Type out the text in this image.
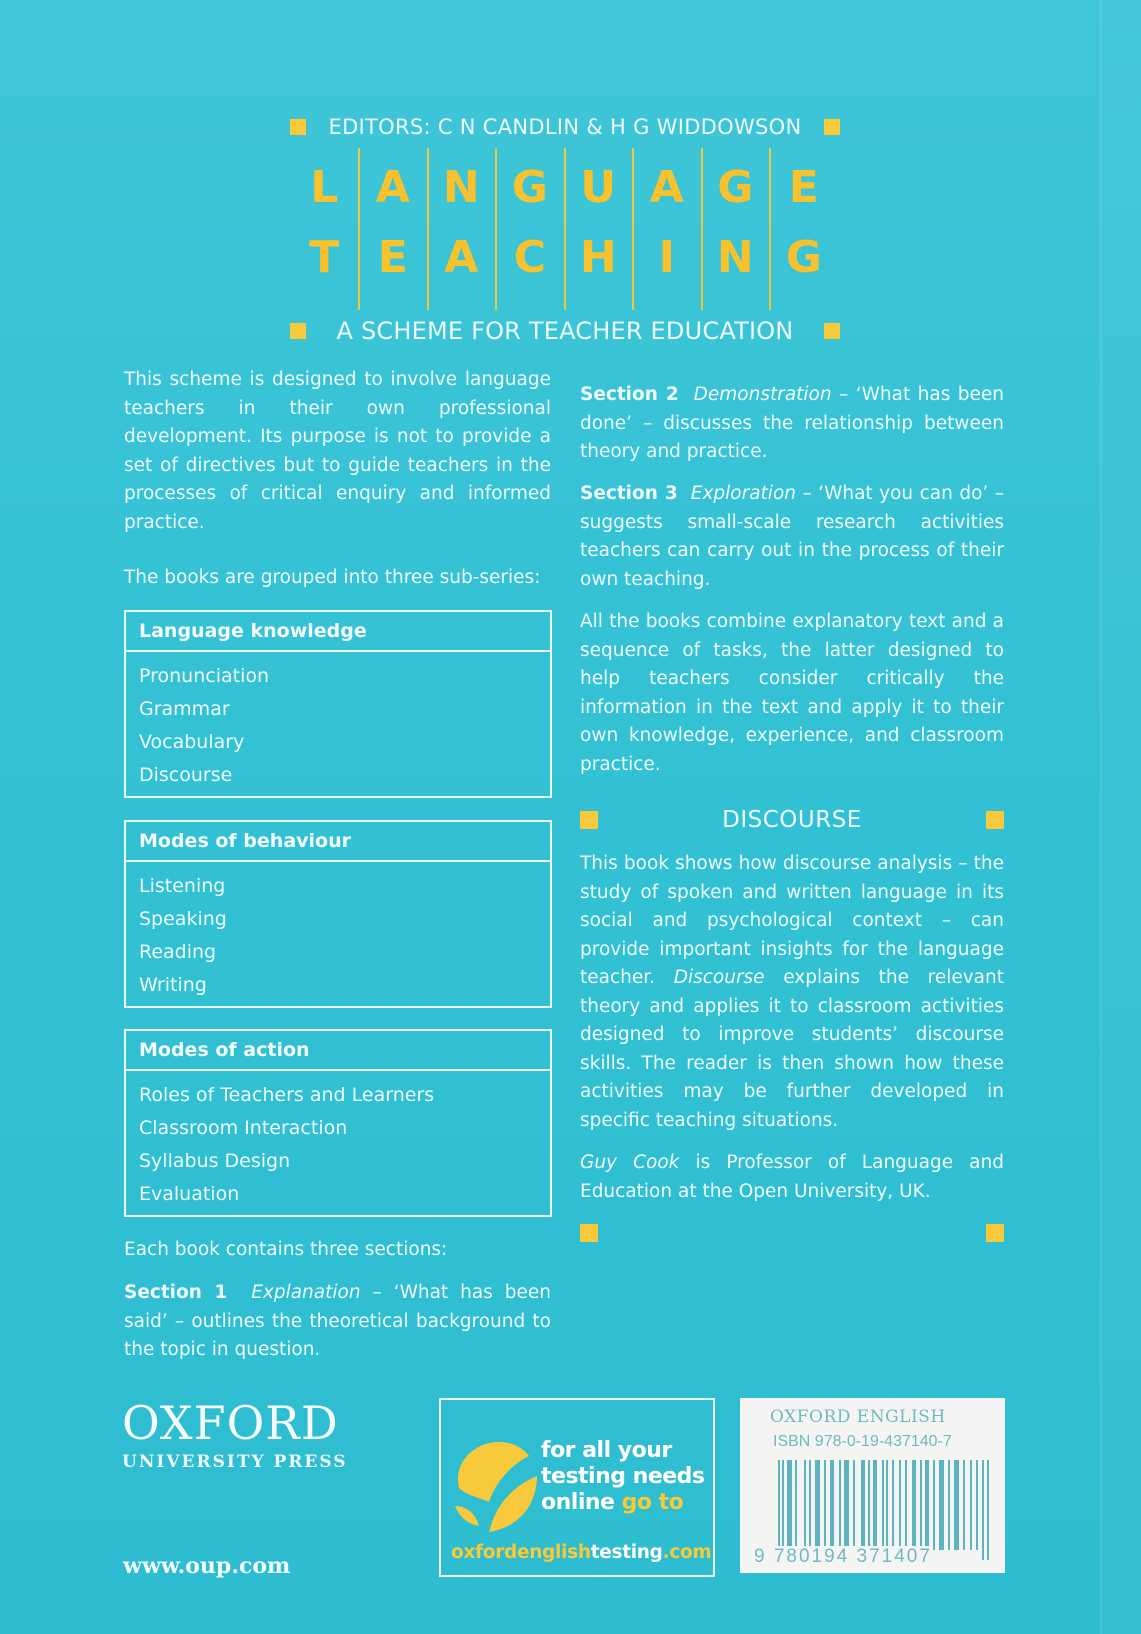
EDITORS: C N CANDLIN & H G WIDDOWSON
L A N G U A G E
T E A C H I N G
A SCHEME FOR TEACHER EDUCATION

This scheme is designed to involve language teachers in their own professional development. Its purpose is not to provide a set of directives but to guide teachers in the processes of critical enquiry and informed practice.

The books are grouped into three sub-series:

Language knowledge
Pronunciation
Grammar
Vocabulary
Discourse
Modes of behaviour
Listening
Speaking
Reading
Writing
Modes of action
Roles of Teachers and Learners
Classroom Interaction
Syllabus Design
Evaluation

Each book contains three sections:

Section 1 Explanation – ‘What has been said’ – outlines the theoretical background to the topic in question.

Section 2 Demonstration – ‘What has been done’ – discusses the relationship between theory and practice.

Section 3 Exploration – ‘What you can do’ – suggests small-scale research activities teachers can carry out in the process of their own teaching.

All the books combine explanatory text and a sequence of tasks, the latter designed to help teachers consider critically the information in the text and apply it to their own knowledge, experience, and classroom practice.

DISCOURSE

This book shows how discourse analysis – the study of spoken and written language in its social and psychological context – can provide important insights for the language teacher. Discourse explains the relevant theory and applies it to classroom activities designed to improve students’ discourse skills. The reader is then shown how these activities may be further developed in specific teaching situations.

Guy Cook is Professor of Language and Education at the Open University, UK.

OXFORD
UNIVERSITY PRESS
www.oup.com
for all your
testing needs
online go to
oxfordenglishtesting.com
OXFORD ENGLISH
ISBN 978-0-19-437140-7
9 780194 371407
